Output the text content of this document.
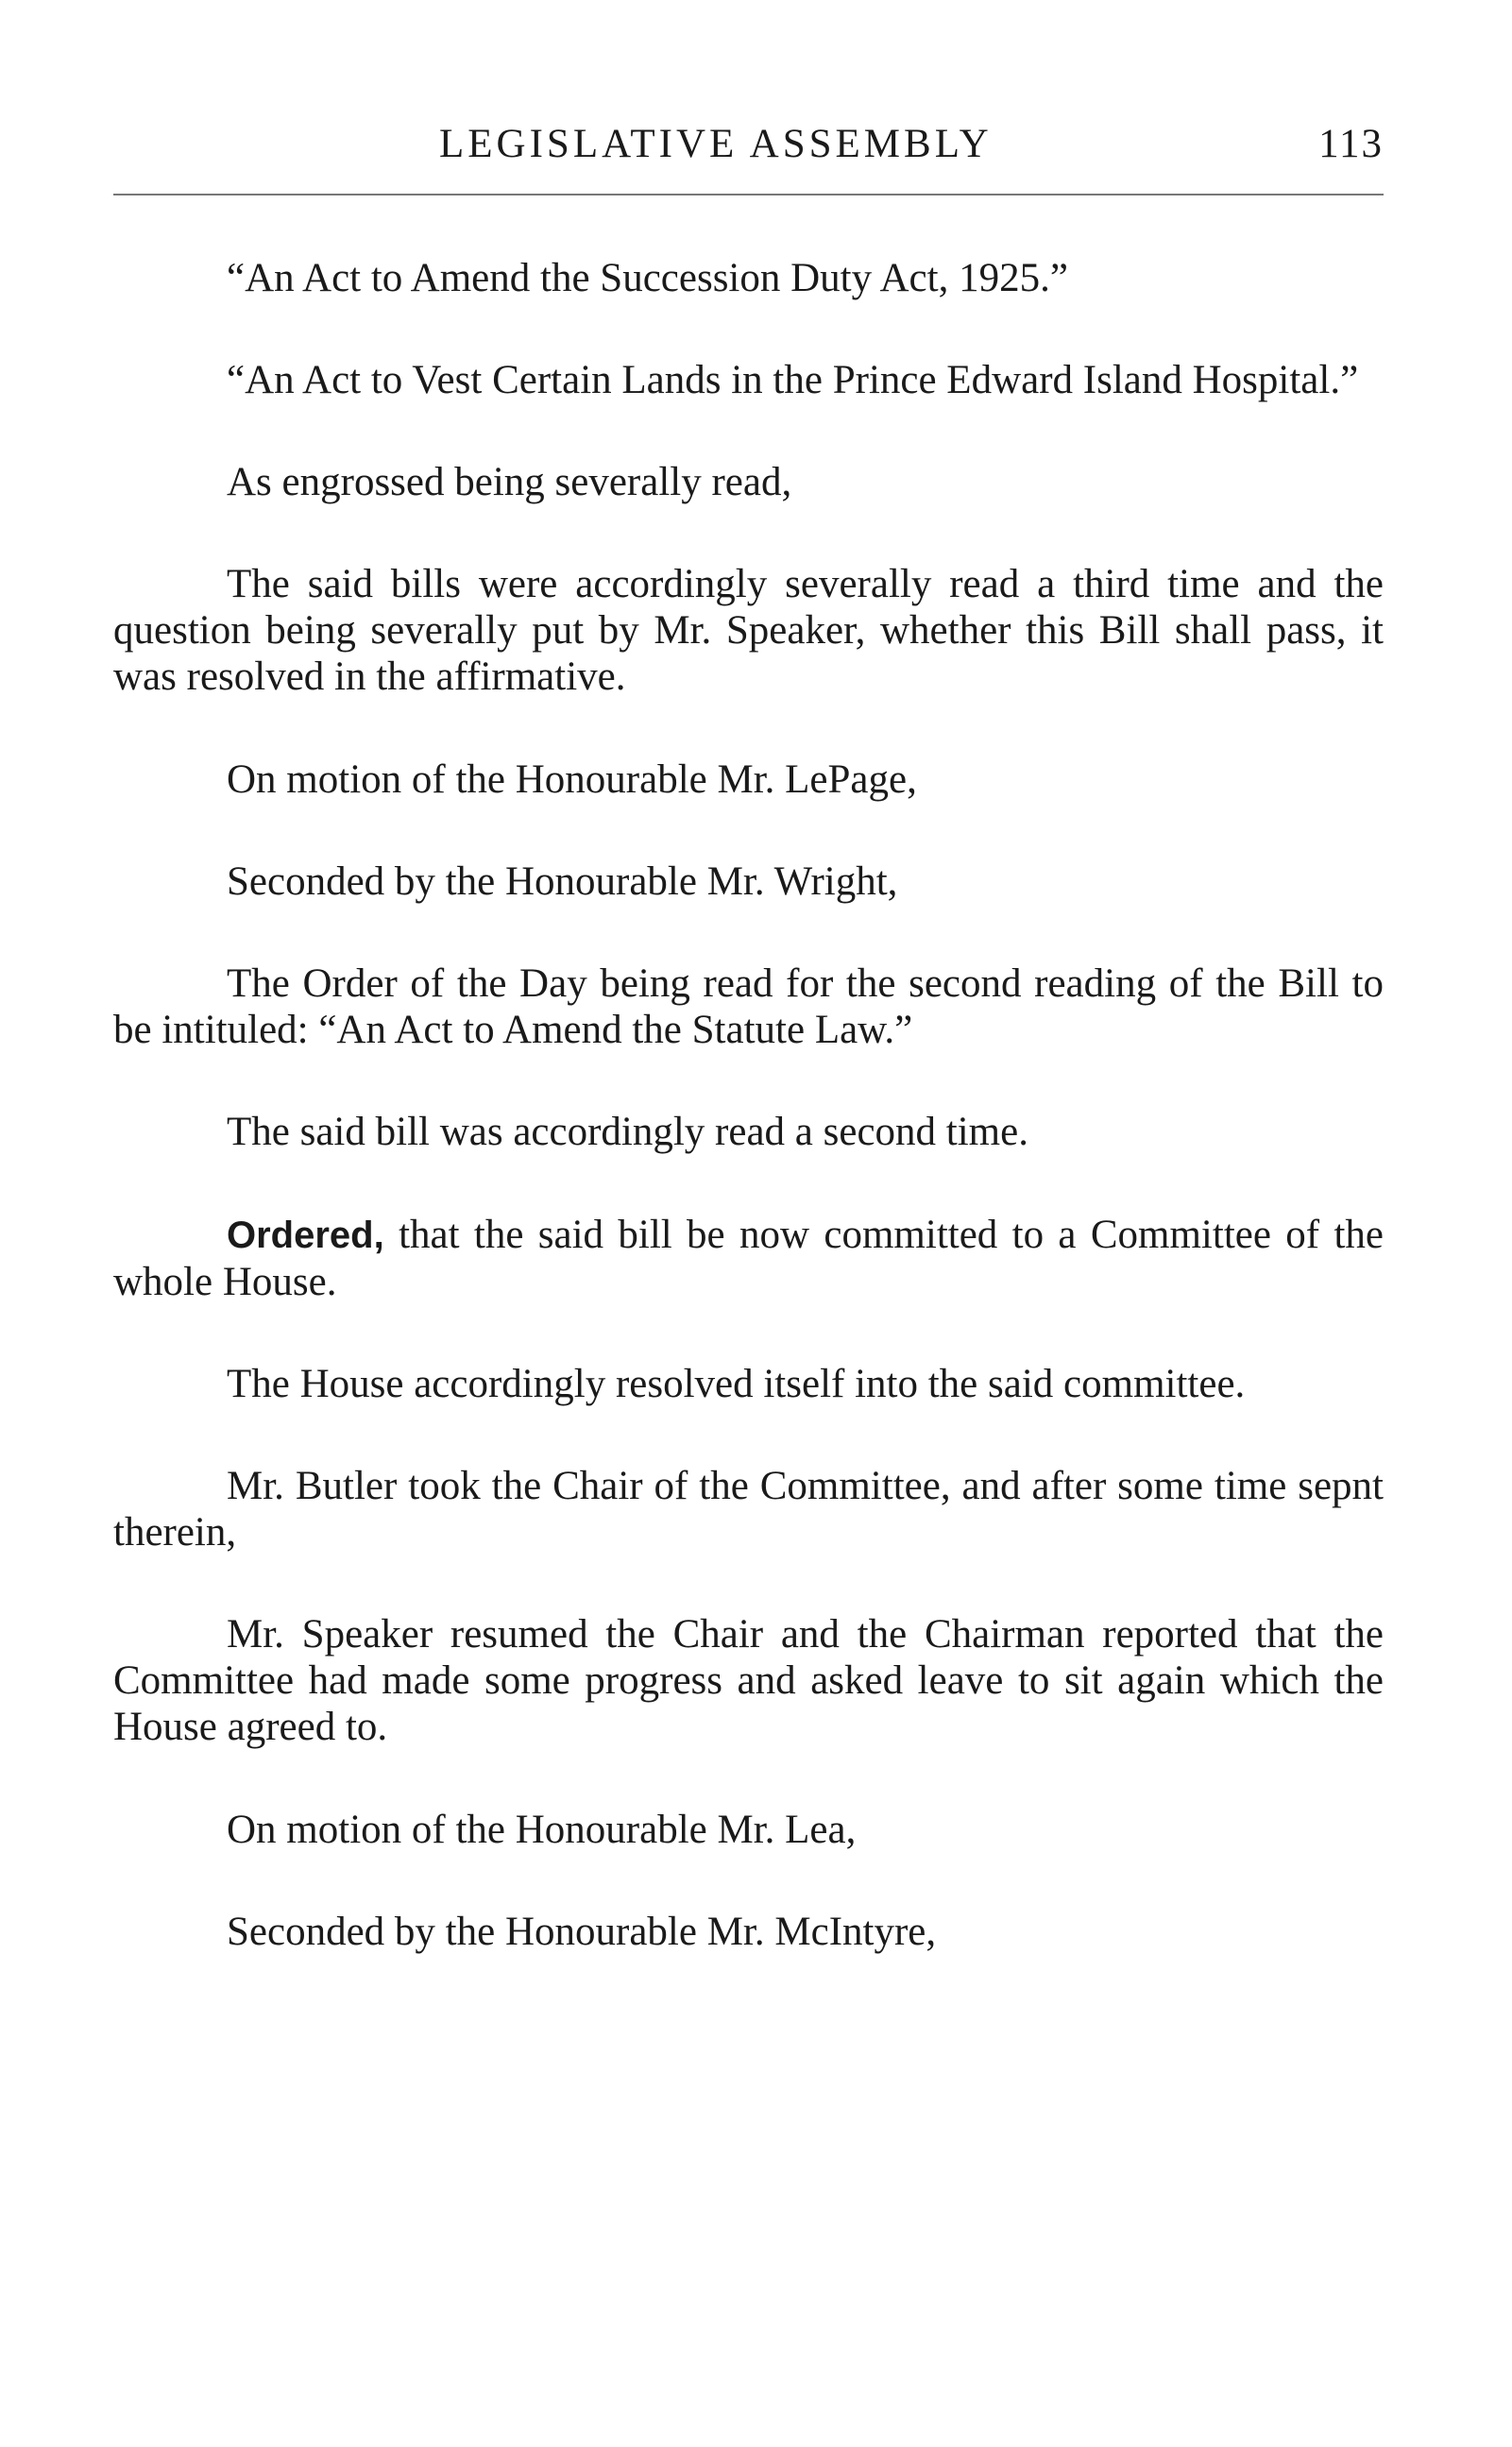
LEGISLATIVE ASSEMBLY	113

“An Act to Amend the Succession Duty Act, 1925.”

“An Act to Vest Certain Lands in the Prince Edward Island Hospital.”

As engrossed being severally read,

The said bills were accordingly severally read a third time and the question being severally put by Mr. Speaker, whether this Bill shall pass, it was resolved in the affirmative.

On motion of the Honourable Mr. LePage,

Seconded by the Honourable Mr. Wright,

The Order of the Day being read for the second reading of the Bill to be intituled: “An Act to Amend the Statute Law.”

The said bill was accordingly read a second time.

Ordered, that the said bill be now committed to a Committee of the whole House.

The House accordingly resolved itself into the said committee.

Mr. Butler took the Chair of the Committee, and after some time sepnt therein,

Mr. Speaker resumed the Chair and the Chairman reported that the Committee had made some progress and asked leave to sit again which the House agreed to.

On motion of the Honourable Mr. Lea,

Seconded by the Honourable Mr. McIntyre,
